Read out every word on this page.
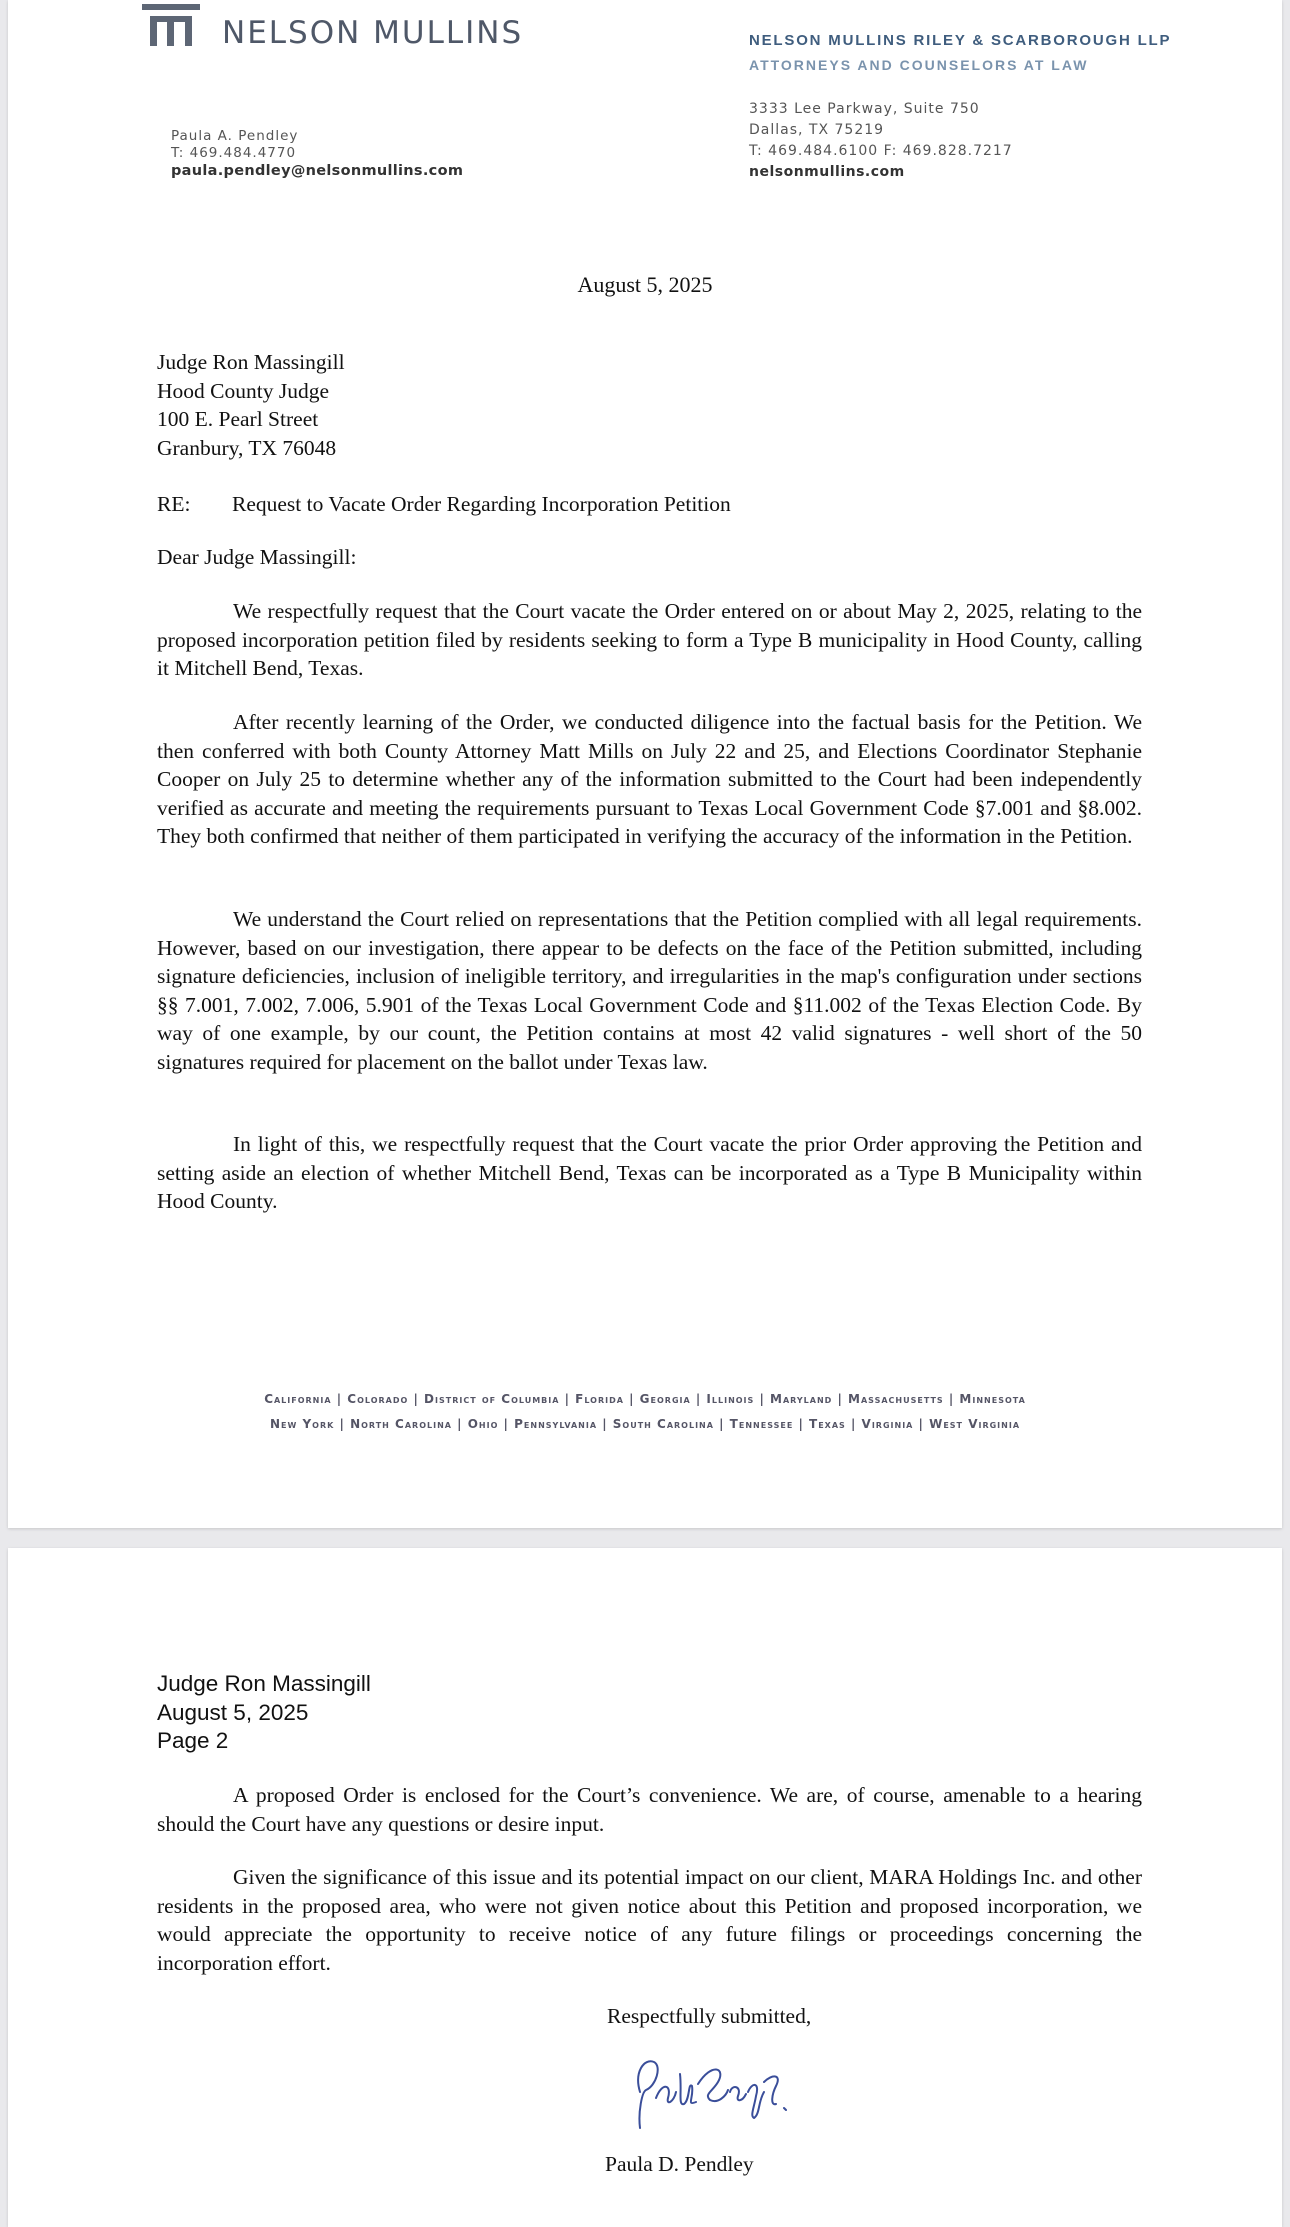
NELSON MULLINS	NELSON MULLINS RILEY & SCARBOROUGH LLP
ATTORNEYS AND COUNSELORS AT LAW
3333 Lee Parkway, Suite 750
Dallas, TX 75219
T: 469.484.6100 F: 469.828.7217
nelsonmullins.com
Paula A. Pendley
T: 469.484.4770
paula.pendley@nelsonmullins.com
August 5, 2025
Judge Ron Massingill
Hood County Judge
100 E. Pearl Street
Granbury, TX 76048
RE:	Request to Vacate Order Regarding Incorporation Petition
Dear Judge Massingill:

We respectfully request that the Court vacate the Order entered on or about May 2, 2025, relating to the proposed incorporation petition filed by residents seeking to form a Type B municipality in Hood County, calling it Mitchell Bend, Texas.

After recently learning of the Order, we conducted diligence into the factual basis for the Petition. We then conferred with both County Attorney Matt Mills on July 22 and 25, and Elections Coordinator Stephanie Cooper on July 25 to determine whether any of the information submitted to the Court had been independently verified as accurate and meeting the requirements pursuant to Texas Local Government Code §7.001 and §8.002. They both confirmed that neither of them participated in verifying the accuracy of the information in the Petition.

We understand the Court relied on representations that the Petition complied with all legal requirements. However, based on our investigation, there appear to be defects on the face of the Petition submitted, including signature deficiencies, inclusion of ineligible territory, and irregularities in the map's configuration under sections §§ 7.001, 7.002, 7.006, 5.901 of the Texas Local Government Code and §11.002 of the Texas Election Code. By way of one example, by our count, the Petition contains at most 42 valid signatures - well short of the 50 signatures required for placement on the ballot under Texas law.

In light of this, we respectfully request that the Court vacate the prior Order approving the Petition and setting aside an election of whether Mitchell Bend, Texas can be incorporated as a Type B Municipality within Hood County.

California | Colorado | District of Columbia | Florida | Georgia | Illinois | Maryland | Massachusetts | Minnesota
New York | North Carolina | Ohio | Pennsylvania | South Carolina | Tennessee | Texas | Virginia | West Virginia
Judge Ron Massingill
August 5, 2025
Page 2

A proposed Order is enclosed for the Court’s convenience. We are, of course, amenable to a hearing should the Court have any questions or desire input.

Given the significance of this issue and its potential impact on our client, MARA Holdings Inc. and other residents in the proposed area, who were not given notice about this Petition and proposed incorporation, we would appreciate the opportunity to receive notice of any future filings or proceedings concerning the incorporation effort.

Respectfully submitted,
Paula D. Pendley
